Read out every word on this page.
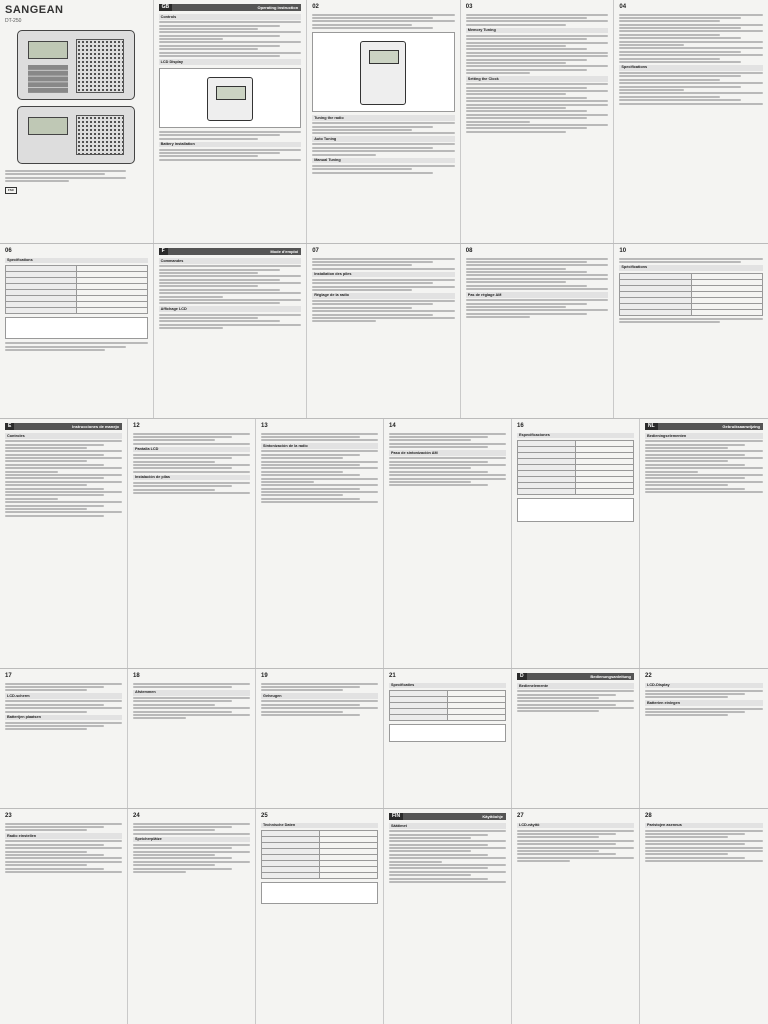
SANGEAN
DT-250
FSC
GB	Operating instruction
Controls
LCD Display
Battery installation
02
Tuning the radio
Auto Tuning
Manual Tuning
03
Memory Tuning
Setting the Clock
04
Specifications
06
Specifications

F	Mode d'emploi
Commandes
Affichage LCD
07
Installation des piles
Réglage de la radio
08
Pas de réglage AM
10
Spécifications

E	Instrucciones de manejo
Controles
12
Pantalla LCD
Instalación de pilas
13
Sintonización de la radio
14
Paso de sintonización AM
16
Especificaciones

NL	Gebruiksaanwijzing
Bedieningselementen
17
LCD-scherm
Batterijen plaatsen
18
Afstemmen
19
Geheugen
21
Specificaties

D	Bedienungsanleitung
Bedienelemente
22
LCD-Display
Batterien einlegen
23
Radio einstellen
24
Speicherplätze
25
Technische Daten

FIN	Käyttöohje
Säätimet
27
LCD-näyttö
28
Paristojen asennus
